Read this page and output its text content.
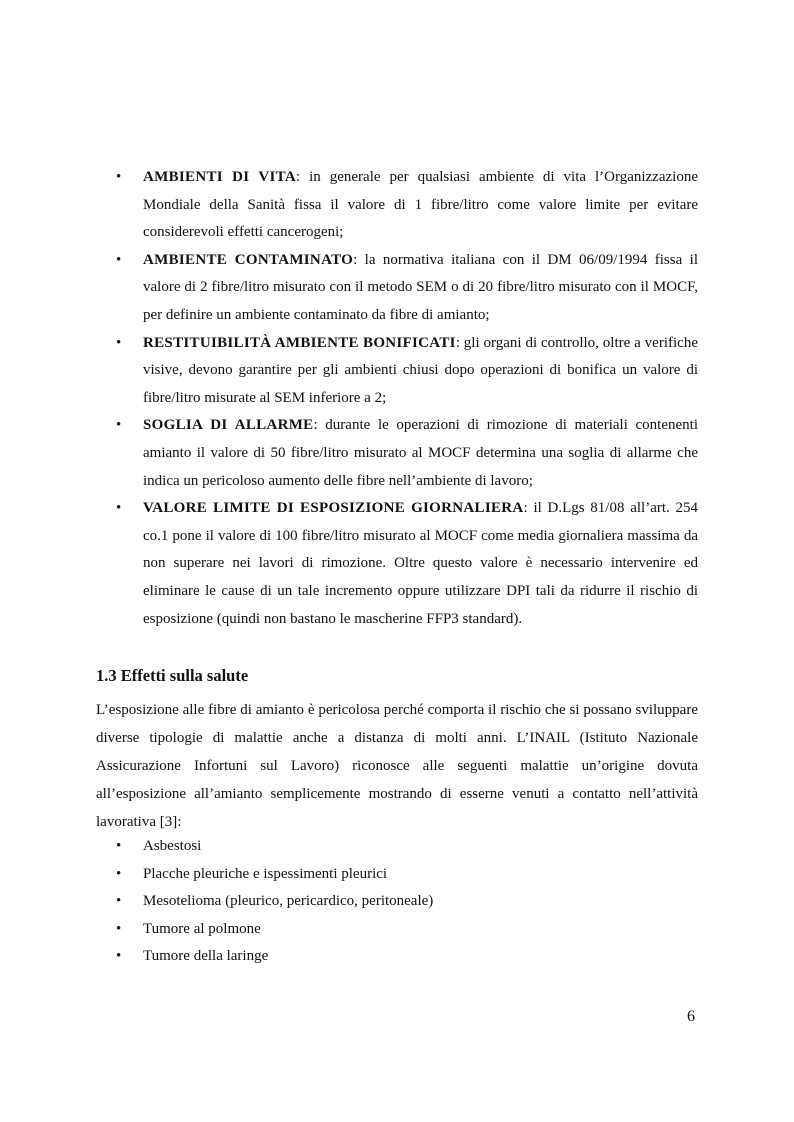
• AMBIENTI DI VITA: in generale per qualsiasi ambiente di vita l’Organizzazione Mondiale della Sanità fissa il valore di 1 fibre/litro come valore limite per evitare considerevoli effetti cancerogeni;
• AMBIENTE CONTAMINATO: la normativa italiana con il DM 06/09/1994 fissa il valore di 2 fibre/litro misurato con il metodo SEM o di 20 fibre/litro misurato con il MOCF, per definire un ambiente contaminato da fibre di amianto;
• RESTITUIBILITÀ AMBIENTE BONIFICATI: gli organi di controllo, oltre a verifiche visive, devono garantire per gli ambienti chiusi dopo operazioni di bonifica un valore di fibre/litro misurate al SEM inferiore a 2;
• SOGLIA DI ALLARME: durante le operazioni di rimozione di materiali contenenti amianto il valore di 50 fibre/litro misurato al MOCF determina una soglia di allarme che indica un pericoloso aumento delle fibre nell’ambiente di lavoro;
• VALORE LIMITE DI ESPOSIZIONE GIORNALIERA: il D.Lgs 81/08 all’art. 254 co.1 pone il valore di 100 fibre/litro misurato al MOCF come media giornaliera massima da non superare nei lavori di rimozione. Oltre questo valore è necessario intervenire ed eliminare le cause di un tale incremento oppure utilizzare DPI tali da ridurre il rischio di esposizione (quindi non bastano le mascherine FFP3 standard).
1.3 Effetti sulla salute

L’esposizione alle fibre di amianto è pericolosa perché comporta il rischio che si possano sviluppare diverse tipologie di malattie anche a distanza di molti anni. L’INAIL (Istituto Nazionale Assicurazione Infortuni sul Lavoro) riconosce alle seguenti malattie un’origine dovuta all’esposizione all’amianto semplicemente mostrando di esserne venuti a contatto nell’attività lavorativa [3]:

• Asbestosi
• Placche pleuriche e ispessimenti pleurici
• Mesotelioma (pleurico, pericardico, peritoneale)
• Tumore al polmone
• Tumore della laringe
6
